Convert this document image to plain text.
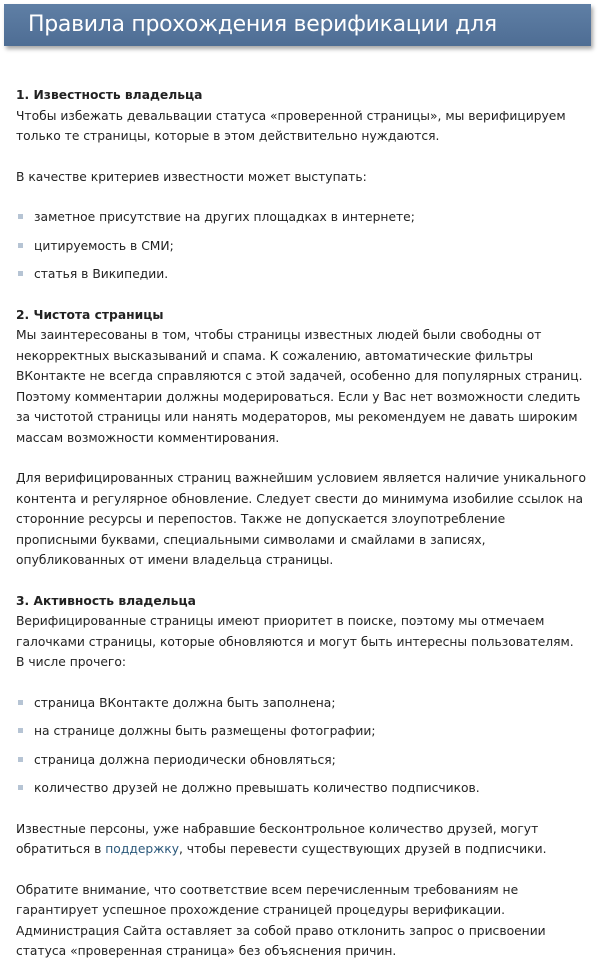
Правила прохождения верификации для профилей

1. Известность владельца

Чтобы избежать девальвации статуса «проверенной страницы», мы верифицируем только те страницы, которые в этом действительно нуждаются.

В качестве критериев известности может выступать:

заметное присутствие на других площадках в интернете;
цитируемость в СМИ;
статья в Википедии.

2. Чистота страницы

Мы заинтересованы в том, чтобы страницы известных людей были свободны от некорректных высказываний и спама. К сожалению, автоматические фильтры ВКонтакте не всегда справляются с этой задачей, особенно для популярных страниц. Поэтому комментарии должны модерироваться. Если у Вас нет возможности следить за чистотой страницы или нанять модераторов, мы рекомендуем не давать широким массам возможности комментирования.

Для верифицированных страниц важнейшим условием является наличие уникального контента и регулярное обновление. Следует свести до минимума изобилие ссылок на сторонние ресурсы и перепостов. Также не допускается злоупотребление прописными буквами, специальными символами и смайлами в записях, опубликованных от имени владельца страницы.

3. Активность владельца

Верифицированные страницы имеют приоритет в поиске, поэтому мы отмечаем галочками страницы, которые обновляются и могут быть интересны пользователям. В числе прочего:

страница ВКонтакте должна быть заполнена;
на странице должны быть размещены фотографии;
страница должна периодически обновляться;
количество друзей не должно превышать количество подписчиков.

Известные персоны, уже набравшие бесконтрольное количество друзей, могут обратиться в поддержку, чтобы перевести существующих друзей в подписчики.

Обратите внимание, что соответствие всем перечисленным требованиям не гарантирует успешное прохождение страницей процедуры верификации. Администрация Сайта оставляет за собой право отклонить запрос о присвоении статуса «проверенная страница» без объяснения причин.
